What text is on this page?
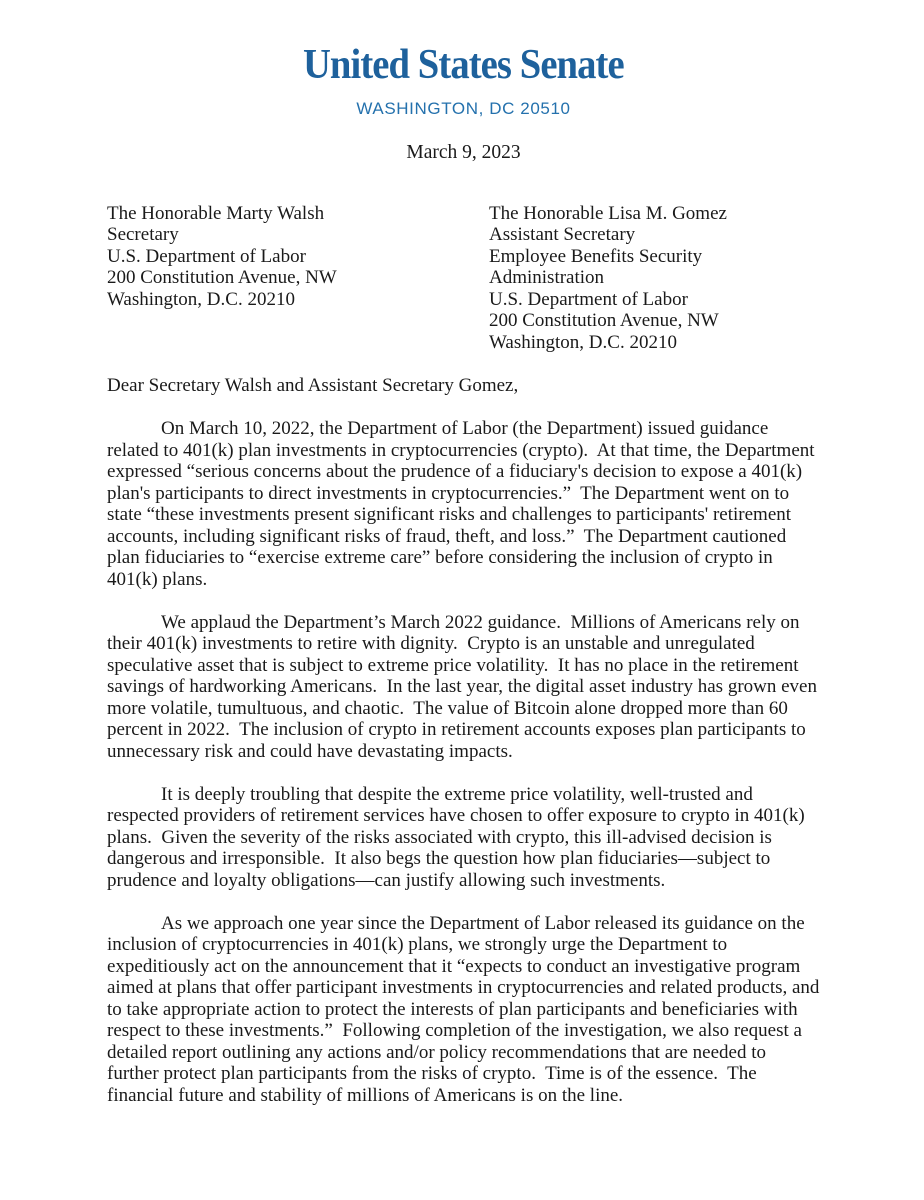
United States Senate
WASHINGTON, DC 20510
March 9, 2023
The Honorable Marty Walsh
Secretary
U.S. Department of Labor
200 Constitution Avenue, NW
Washington, D.C. 20210
The Honorable Lisa M. Gomez
Assistant Secretary
Employee Benefits Security Administration
U.S. Department of Labor
200 Constitution Avenue, NW
Washington, D.C. 20210
Dear Secretary Walsh and Assistant Secretary Gomez,

On March 10, 2022, the Department of Labor (the Department) issued guidance related to 401(k) plan investments in cryptocurrencies (crypto).  At that time, the Department expressed “serious concerns about the prudence of a fiduciary's decision to expose a 401(k) plan's participants to direct investments in cryptocurrencies.”  The Department went on to state “these investments present significant risks and challenges to participants' retirement accounts, including significant risks of fraud, theft, and loss.”  The Department cautioned plan fiduciaries to “exercise extreme care” before considering the inclusion of crypto in 401(k) plans.

We applaud the Department’s March 2022 guidance.  Millions of Americans rely on their 401(k) investments to retire with dignity.  Crypto is an unstable and unregulated speculative asset that is subject to extreme price volatility.  It has no place in the retirement savings of hardworking Americans.  In the last year, the digital asset industry has grown even more volatile, tumultuous, and chaotic.  The value of Bitcoin alone dropped more than 60 percent in 2022.  The inclusion of crypto in retirement accounts exposes plan participants to unnecessary risk and could have devastating impacts.

It is deeply troubling that despite the extreme price volatility, well-trusted and respected providers of retirement services have chosen to offer exposure to crypto in 401(k) plans.  Given the severity of the risks associated with crypto, this ill-advised decision is dangerous and irresponsible.  It also begs the question how plan fiduciaries—subject to prudence and loyalty obligations—can justify allowing such investments.

As we approach one year since the Department of Labor released its guidance on the inclusion of cryptocurrencies in 401(k) plans, we strongly urge the Department to expeditiously act on the announcement that it “expects to conduct an investigative program aimed at plans that offer participant investments in cryptocurrencies and related products, and to take appropriate action to protect the interests of plan participants and beneficiaries with respect to these investments.”  Following completion of the investigation, we also request a detailed report outlining any actions and/or policy recommendations that are needed to further protect plan participants from the risks of crypto.  Time is of the essence.  The financial future and stability of millions of Americans is on the line.
